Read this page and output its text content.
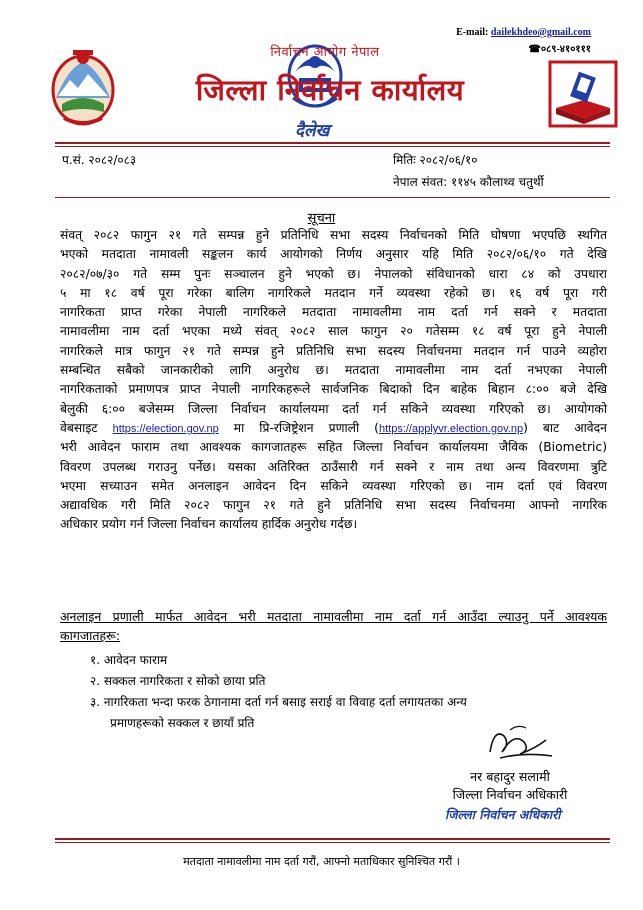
E-mail: dailekhdeo@gmail.com
☎०८९-४१०१११
निर्वाचन आयोग नेपाल
जिल्ला निर्वाचन कार्यालय
दैलेख
प.सं. २०८२/०८३	मितिः २०८२/०६/१०
नेपाल संवत: ११४५ कौलाथ्व चतुर्थी
सूचना
संवत् २०८२ फागुन २१ गते सम्पन्न हुने प्रतिनिधि सभा सदस्य निर्वाचनको मिति घोषणा भएपछि स्थगित
भएको मतदाता नामावली सङ्कलन कार्य आयोगको निर्णय अनुसार यहि मिति २०८२/०६/१० गते देखि
२०८२/०७/३० गते सम्म पुनः सञ्चालन हुने भएको छ। नेपालको संविधानको धारा ८४ को उपधारा
५ मा १८ वर्ष पूरा गरेका बालिग नागरिकले मतदान गर्ने व्यवस्था रहेको छ। १६ वर्ष पूरा गरी
नागरिकता प्राप्त गरेका नेपाली नागरिकले मतदाता नामावलीमा नाम दर्ता गर्न सक्ने र मतदाता
नामावलीमा नाम दर्ता भएका मध्ये संवत् २०८२ साल फागुन २० गतेसम्म १८ वर्ष पूरा हुने नेपाली
नागरिकले मात्र फागुन २१ गते सम्पन्न हुने प्रतिनिधि सभा सदस्य निर्वाचनमा मतदान गर्न पाउने व्यहोरा
सम्बन्धित सबैको जानकारीको लागि अनुरोध छ। मतदाता नामावलीमा नाम दर्ता नभएका नेपाली
नागरिकताको प्रमाणपत्र प्राप्त नेपाली नागरिकहरूले सार्वजनिक बिदाको दिन बाहेक बिहान ८:०० बजे देखि
बेलुकी ६:०० बजेसम्म जिल्ला निर्वाचन कार्यालयमा दर्ता गर्न सकिने व्यवस्था गरिएको छ। आयोगको
वेबसाइट https://election.gov.np मा प्रि-रजिष्ट्रेशन प्रणाली (https://applyvr.election.gov.np) बाट आवेदन
भरी आवेदन फाराम तथा आवश्यक कागजातहरू सहित जिल्ला निर्वाचन कार्यालयमा जैविक (Biometric)
विवरण उपलब्ध गराउनु पर्नेछ। यसका अतिरिक्त ठाउँसारी गर्न सक्ने र नाम तथा अन्य विवरणमा त्रुटि
भएमा सच्याउन समेत अनलाइन आवेदन दिन सकिने व्यवस्था गरिएको छ। नाम दर्ता एवं विवरण
अद्यावधिक गरी मिति २०८२ फागुन २१ गते हुने प्रतिनिधि सभा सदस्य निर्वाचनमा आफ्नो नागरिक
अधिकार प्रयोग गर्न जिल्ला निर्वाचन कार्यालय हार्दिक अनुरोध गर्दछ।
अनलाइन प्रणाली मार्फत आवेदन भरी मतदाता नामावलीमा नाम दर्ता गर्न आउँदा ल्याउनु पर्ने आवश्यक
कागजातहरू:
१. आवेदन फाराम
२. सक्कल नागरिकता र सोको छाया प्रति
३. नागरिकता भन्दा फरक ठेगानामा दर्ता गर्न बसाइ सराई वा विवाह दर्ता लगायतका अन्य
प्रमाणहरूको सक्कल र छायाँ प्रति
नर बहादुर सलामी
जिल्ला निर्वाचन अधिकारी
जिल्ला निर्वाचन अधिकारी
मतदाता नामावलीमा नाम दर्ता गरौं, आफ्नो मताधिकार सुनिश्चित गरौं ।
